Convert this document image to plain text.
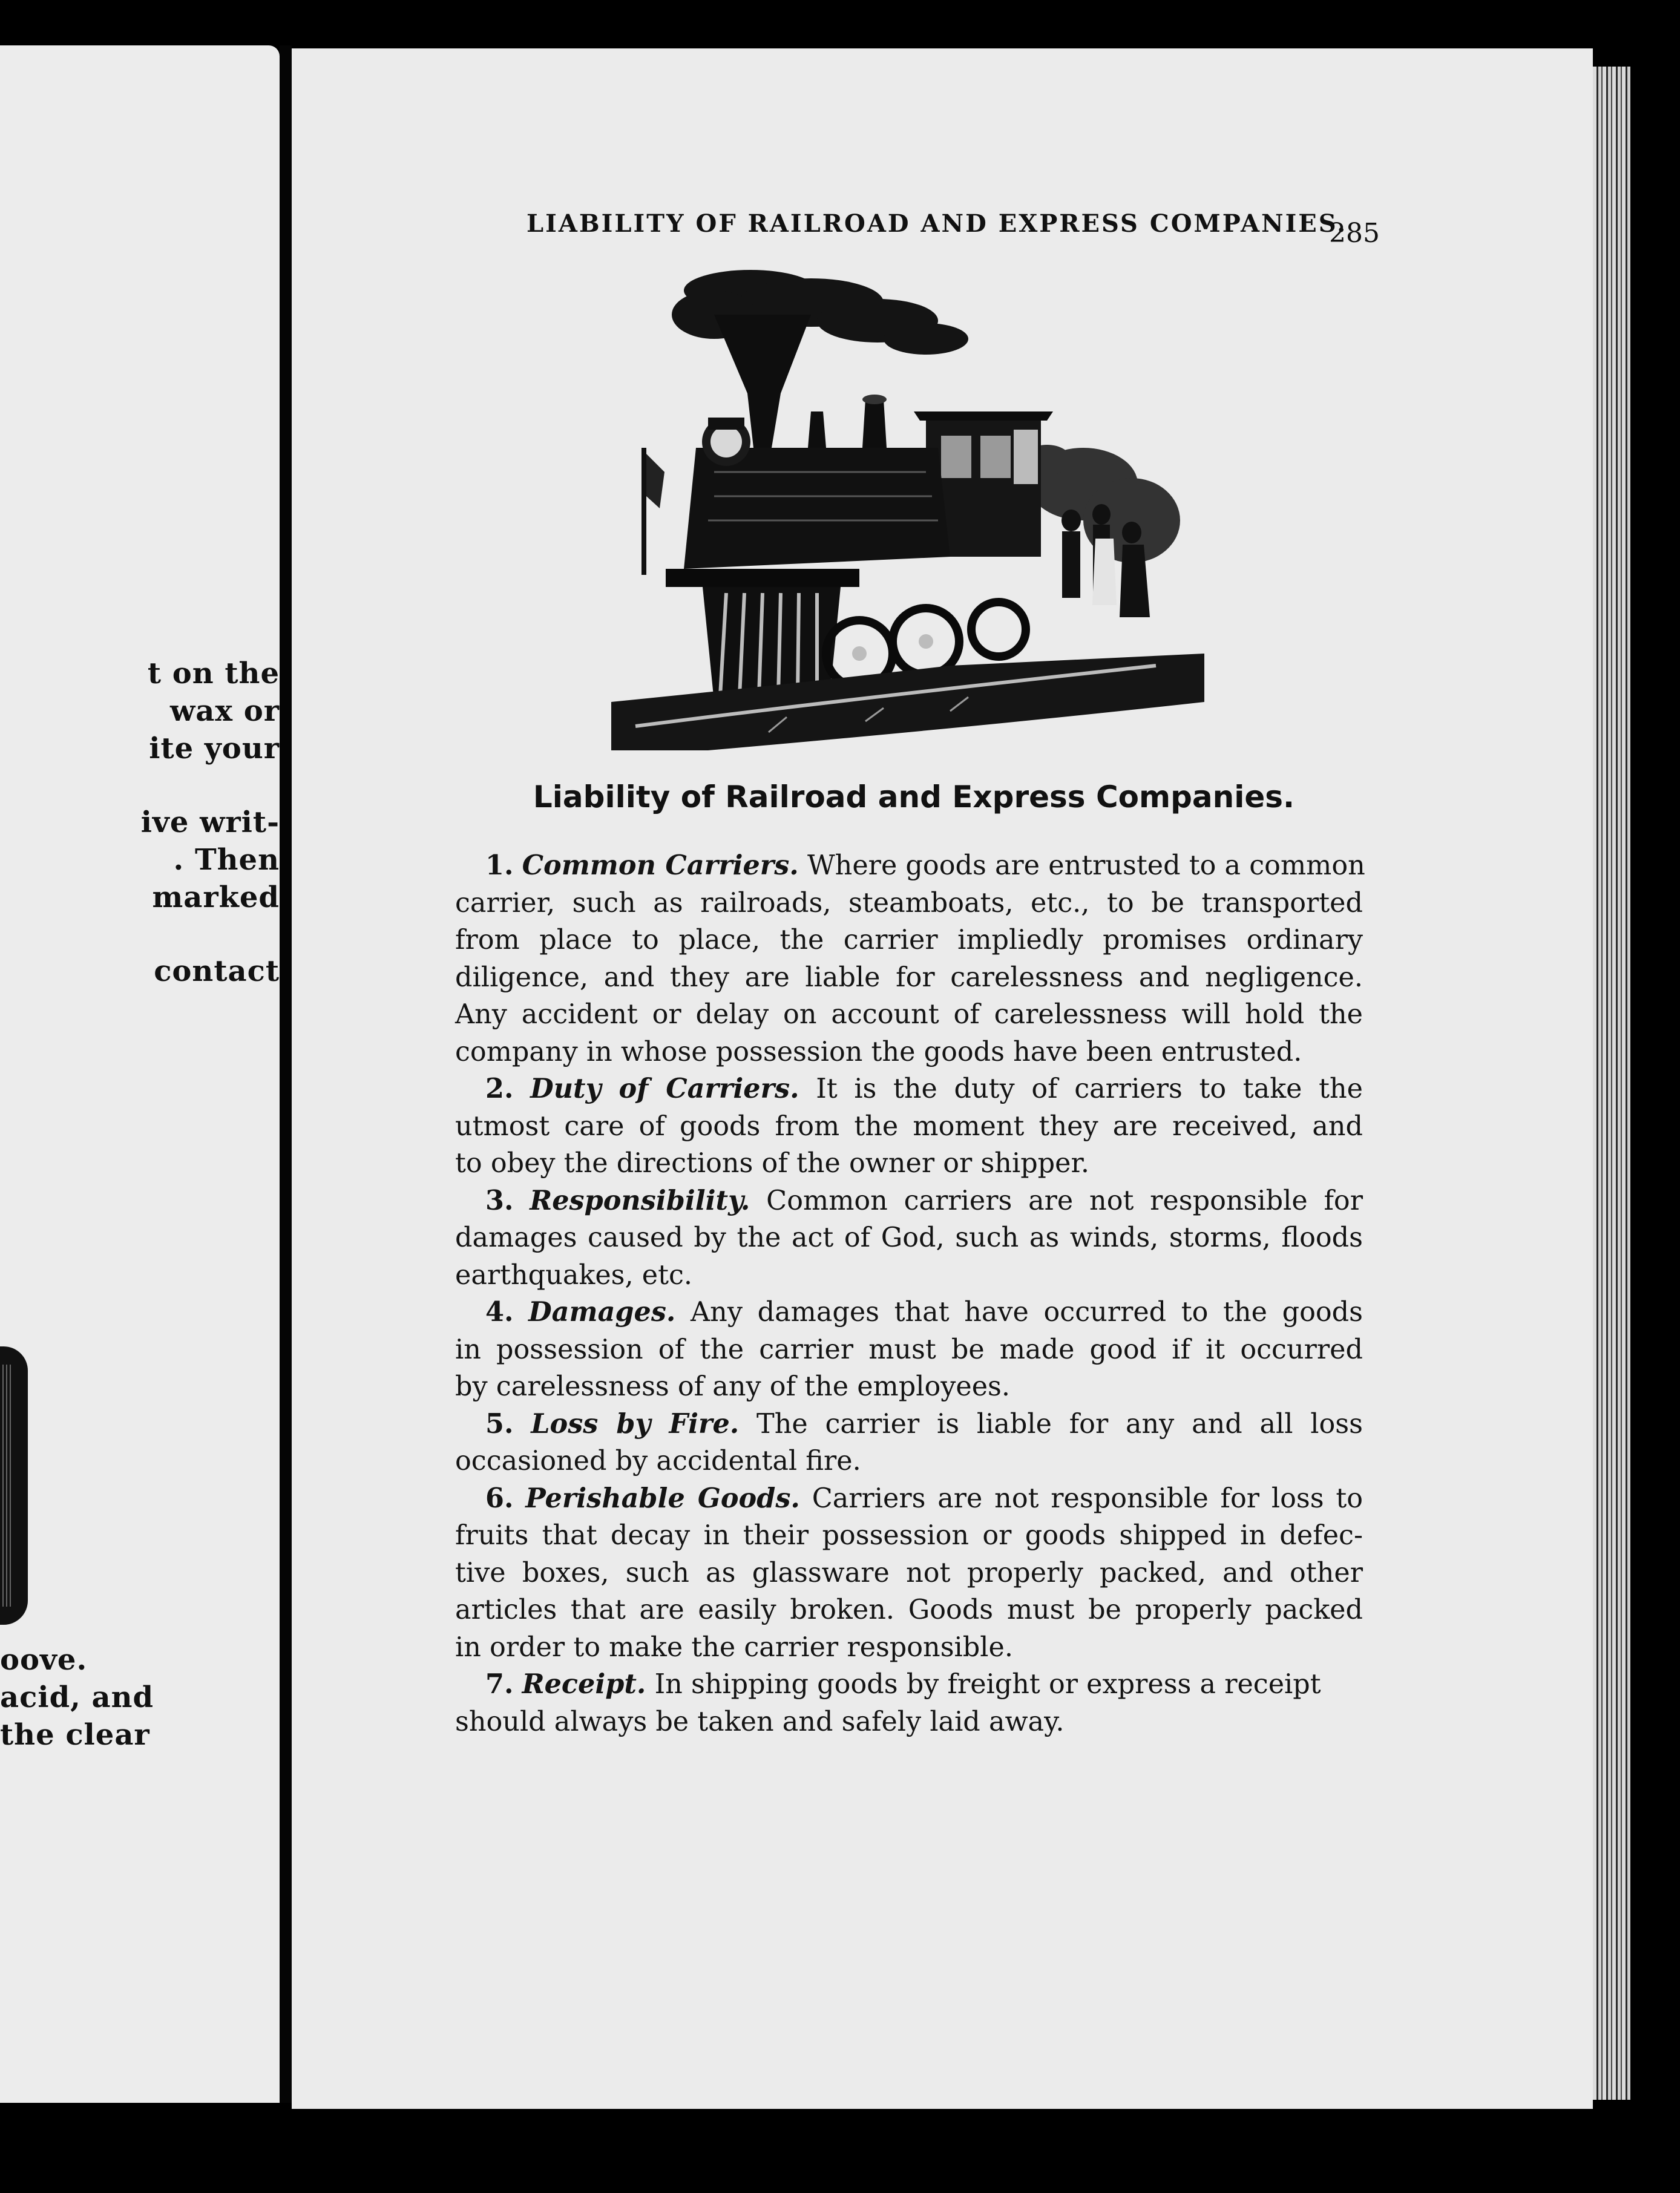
t on the
wax or
ite your
ive writ-
. Then
marked
contact
oove.
acid, and
the clear
LIABILITY OF RAILROAD AND EXPRESS COMPANIES.
285
Liability of Railroad and Express Companies.
1. Common Carriers. Where goods are entrusted to a common
carrier, such as railroads, steamboats, etc., to be transported
from place to place, the carrier impliedly promises ordinary
diligence, and they are liable for carelessness and negligence.
Any accident or delay on account of carelessness will hold the
company in whose possession the goods have been entrusted.
2. Duty of Carriers. It is the duty of carriers to take the
utmost care of goods from the moment they are received, and
to obey the directions of the owner or shipper.
3. Responsibility. Common carriers are not responsible for
damages caused by the act of God, such as winds, storms, floods
earthquakes, etc.
4. Damages. Any damages that have occurred to the goods
in possession of the carrier must be made good if it occurred
by carelessness of any of the employees.
5. Loss by Fire. The carrier is liable for any and all loss
occasioned by accidental fire.
6. Perishable Goods. Carriers are not responsible for loss to
fruits that decay in their possession or goods shipped in defec-
tive boxes, such as glassware not properly packed, and other
articles that are easily broken. Goods must be properly packed
in order to make the carrier responsible.
7. Receipt. In shipping goods by freight or express a receipt
should always be taken and safely laid away.
